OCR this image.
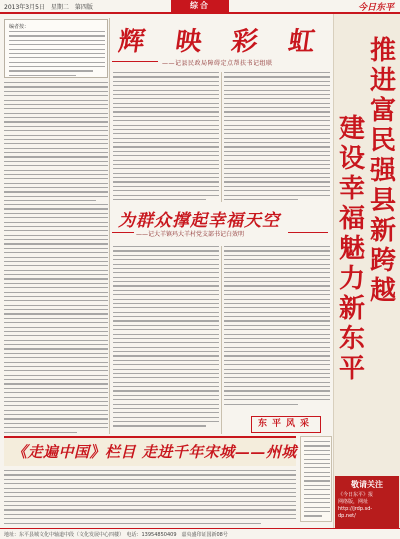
2013年3月5日　星期二　第四版	综合	今日东平
编者按：	辉	映	彩	虹
——记县民政局障碍定点帮扶书记组联
为群众撑起幸福天空
——记大羊镇玛大羊村党支部书记白效明
东平风采
《走遍中国》栏目 走进千年宋城——州城
推
进
富
民
强
县
新
跨
越
建
设
幸
福
魅
力
新
东
平
敬请关注
《今日东平》报
网络版，网址
http://jrdp.sd-
dp.net/
地址：东平县城文化中轴道中段（文化发展中心四楼）　电话：13954850409　嘉央盛印证国新08号
